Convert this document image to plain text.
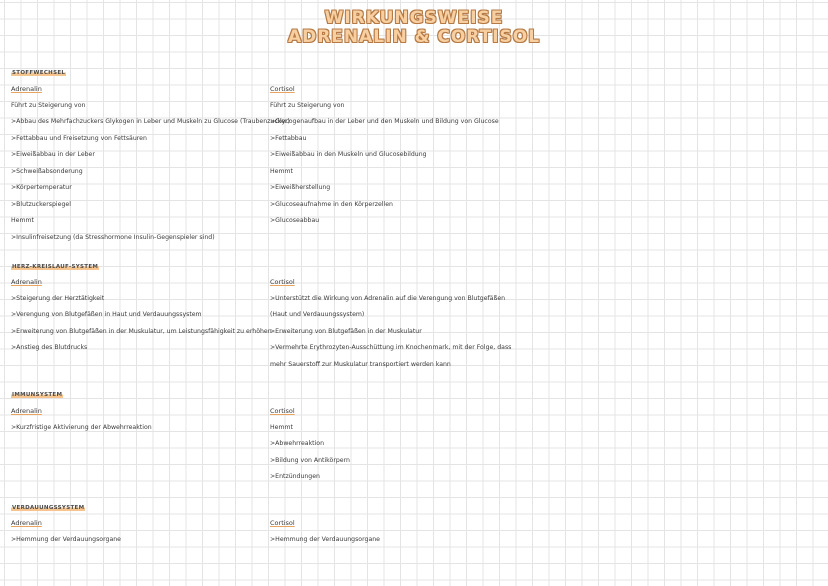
WIRKUNGSWEISE
ADRENALIN & CORTISOL
STOFFWECHSEL
Adrenalin
Führt zu Steigerung von
>Abbau des Mehrfachzuckers Glykogen in Leber und Muskeln zu Glucose (Traubenzucker)
>Fettabbau und Freisetzung von Fettsäuren
>Eiweißabbau in der Leber
>Schweißabsonderung
>Körpertemperatur
>Blutzuckerspiegel
Hemmt
>Insulinfreisetzung (da Stresshormone Insulin-Gegenspieler sind)
Cortisol
Führt zu Steigerung von
>Glycogenaufbau in der Leber und den Muskeln und Bildung von Glucose
>Fettabbau
>Eiweißabbau in den Muskeln und Glucosebildung
Hemmt
>Eiweißherstellung
>Glucoseaufnahme in den Körperzellen
>Glucoseabbau
HERZ-KREISLAUF-SYSTEM
Adrenalin
>Steigerung der Herztätigkeit
>Verengung von Blutgefäßen in Haut und Verdauungssystem
>Erweiterung von Blutgefäßen in der Muskulatur, um Leistungsfähigkeit zu erhöhen
>Anstieg des Blutdrucks
Cortisol
>Unterstützt die Wirkung von Adrenalin auf die Verengung von Blutgefäßen
(Haut und Verdauungssystem)
>Erweiterung von Blutgefäßen in der Muskulatur
>Vermehrte Erythrozyten-Ausschüttung im Knochenmark, mit der Folge, dass
mehr Sauerstoff zur Muskulatur transportiert werden kann
IMMUNSYSTEM
Adrenalin
>Kurzfristige Aktivierung der Abwehrreaktion
Cortisol
Hemmt
>Abwehrreaktion
>Bildung von Antikörpern
>Entzündungen
VERDAUUNGSSYSTEM
Adrenalin
>Hemmung der Verdauungsorgane
Cortisol
>Hemmung der Verdauungsorgane
